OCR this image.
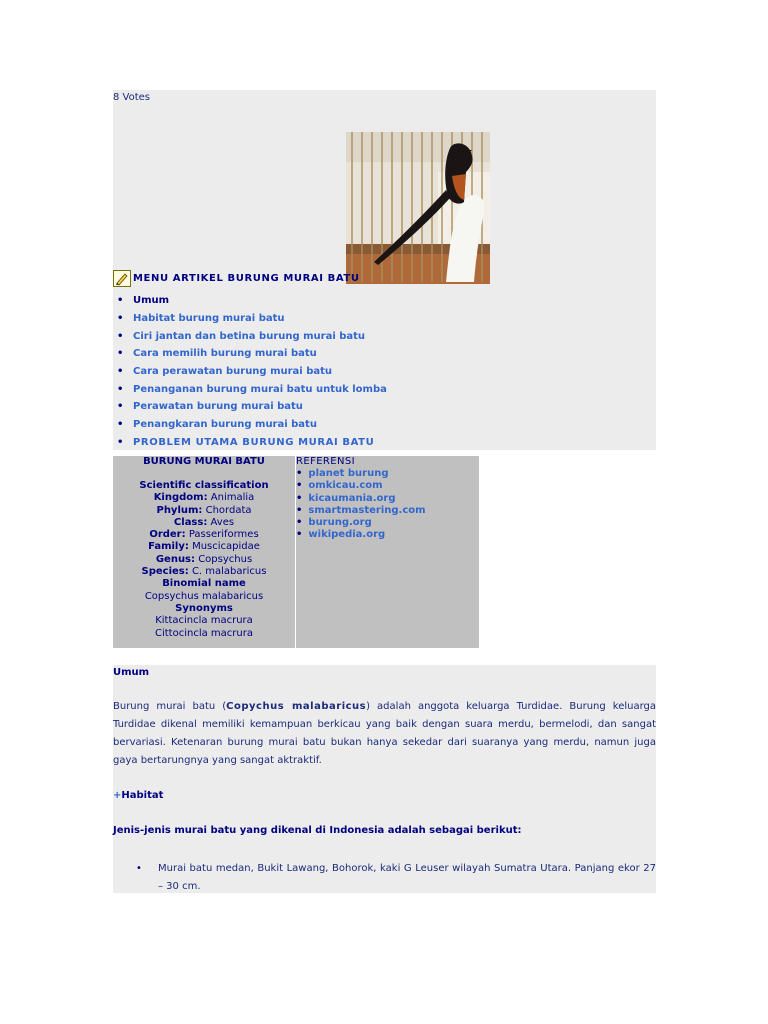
8 Votes
MENU ARTIKEL BURUNG MURAI BATU
• Umum
• Habitat burung murai batu
• Ciri jantan dan betina burung murai batu
• Cara memilih burung murai batu
• Cara perawatan burung murai batu
• Penanganan burung murai batu untuk lomba
• Perawatan burung murai batu
• Penangkaran burung murai batu
• PROBLEM UTAMA BURUNG MURAI BATU
BURUNG MURAI BATU
Scientific classification
Kingdom: Animalia
Phylum: Chordata
Class: Aves
Order: Passeriformes
Family: Muscicapidae
Genus: Copsychus
Species: C. malabaricus
Binomial name
Copsychus malabaricus
Synonyms
Kittacincla macrura
Cittocincla macrura
REFERENSI
• planet burung
• omkicau.com
• kicaumania.org
• smartmastering.com
• burung.org
• wikipedia.org
Umum
Burung murai batu (Copychus malabaricus) adalah anggota keluarga Turdidae. Burung keluarga Turdidae dikenal memiliki kemampuan berkicau yang baik dengan suara merdu, bermelodi, dan sangat bervariasi. Ketenaran burung murai batu bukan hanya sekedar dari suaranya yang merdu, namun juga gaya bertarungnya yang sangat aktraktif.
+Habitat
Jenis-jenis murai batu yang dikenal di Indonesia adalah sebagai berikut:
• Murai batu medan, Bukit Lawang, Bohorok, kaki G Leuser wilayah Sumatra Utara. Panjang ekor 27 – 30 cm.
